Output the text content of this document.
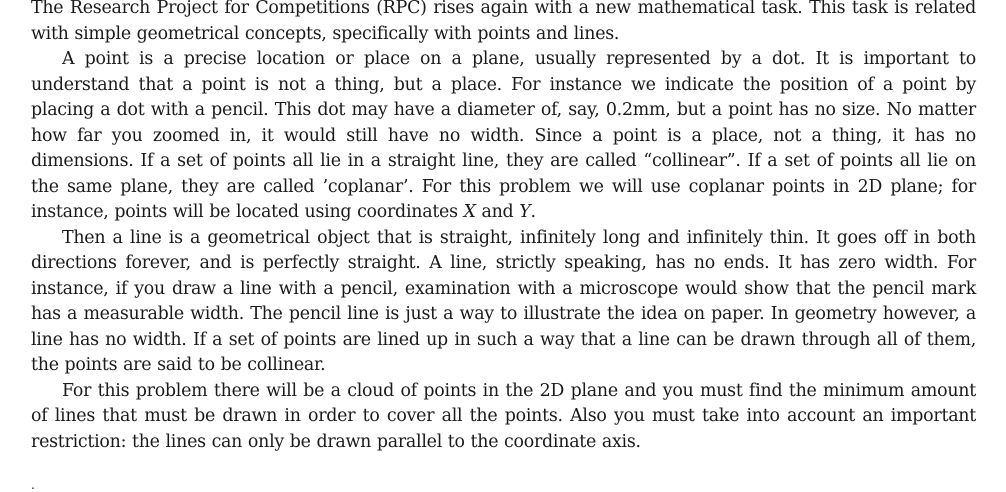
The Research Project for Competitions (RPC) rises again with a new mathematical task. This task is related with simple geometrical concepts, specifically with points and lines.

A point is a precise location or place on a plane, usually represented by a dot. It is important to understand that a point is not a thing, but a place. For instance we indicate the position of a point by placing a dot with a pencil. This dot may have a diameter of, say, 0.2mm, but a point has no size. No matter how far you zoomed in, it would still have no width. Since a point is a place, not a thing, it has no dimensions. If a set of points all lie in a straight line, they are called “collinear”. If a set of points all lie on the same plane, they are called ’coplanar’. For this problem we will use coplanar points in 2D plane; for instance, points will be located using coordinates X and Y.

Then a line is a geometrical object that is straight, infinitely long and infinitely thin. It goes off in both directions forever, and is perfectly straight. A line, strictly speaking, has no ends. It has zero width. For instance, if you draw a line with a pencil, examination with a microscope would show that the pencil mark has a measurable width. The pencil line is just a way to illustrate the idea on paper. In geometry however, a line has no width. If a set of points are lined up in such a way that a line can be drawn through all of them, the points are said to be collinear.

For this problem there will be a cloud of points in the 2D plane and you must find the minimum amount of lines that must be drawn in order to cover all the points. Also you must take into account an important restriction: the lines can only be drawn parallel to the coordinate axis.

.
